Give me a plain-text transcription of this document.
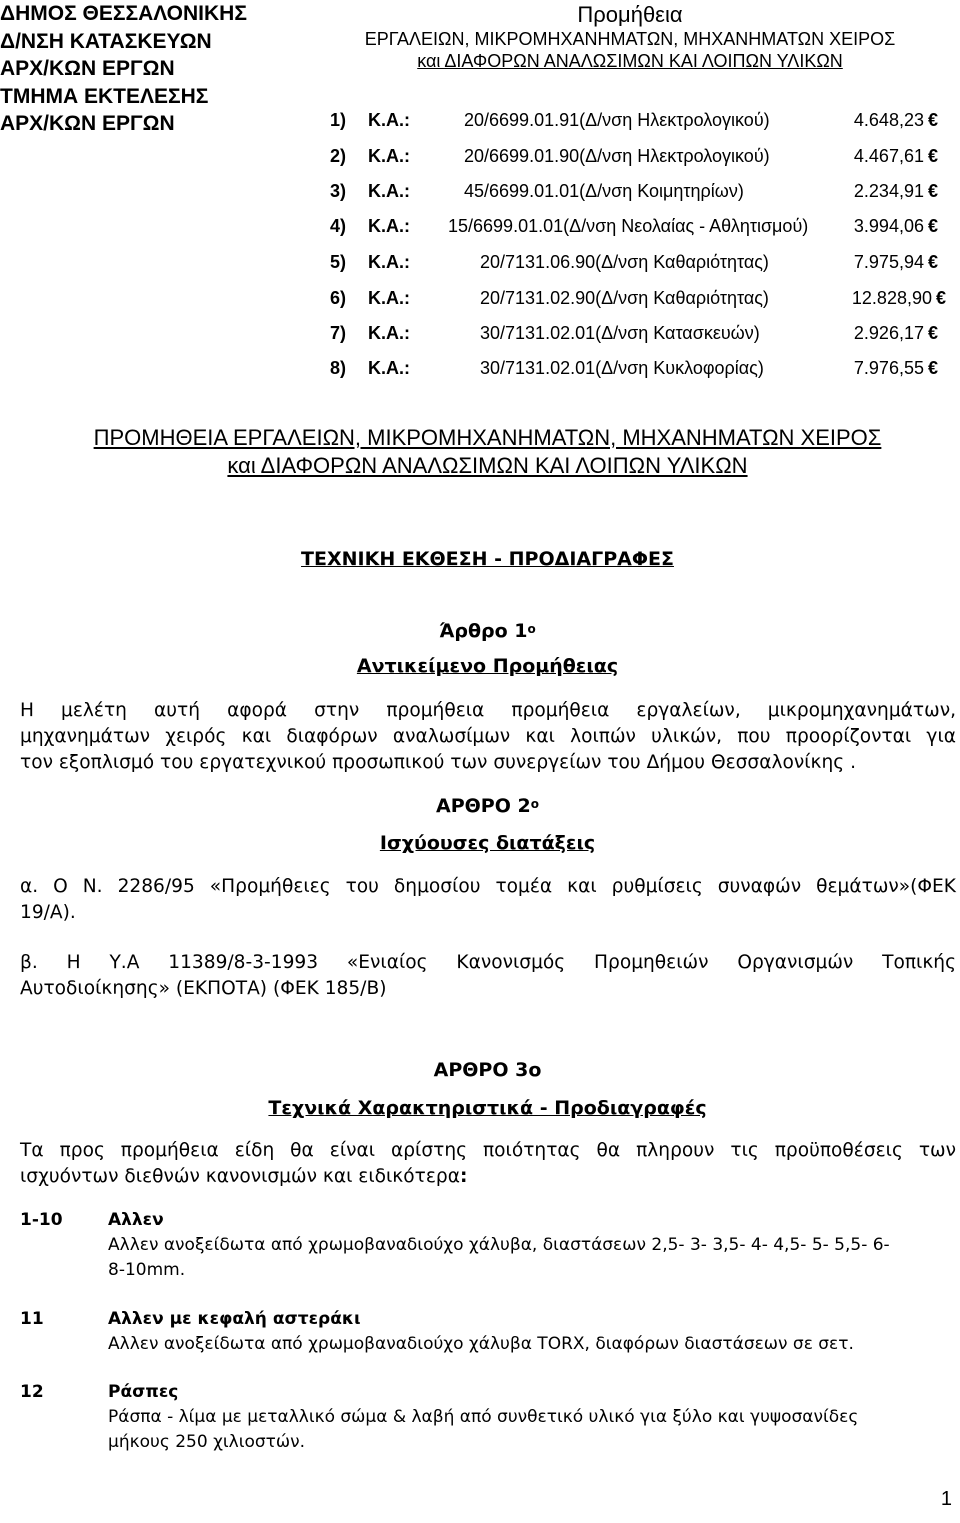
ΔΗΜΟΣ ΘΕΣΣΑΛΟΝΙΚΗΣ
Δ/ΝΣΗ ΚΑΤΑΣΚΕΥΩΝ
ΑΡΧ/ΚΩΝ ΕΡΓΩΝ
ΤΜΗΜΑ ΕΚΤΕΛΕΣΗΣ
ΑΡΧ/ΚΩΝ ΕΡΓΩΝ
Προμήθεια
ΕΡΓΑΛΕΙΩΝ, ΜΙΚΡΟΜΗΧΑΝΗΜΑΤΩΝ, ΜΗΧΑΝΗΜΑΤΩΝ ΧΕΙΡΟΣ
και ΔΙΑΦΟΡΩΝ ΑΝΑΛΩΣΙΜΩΝ ΚΑΙ ΛΟΙΠΩΝ ΥΛΙΚΩΝ
1) Κ.Α.:	20/6699.01.91(Δ/νση Ηλεκτρολογικού)	4.648,23 €
2) Κ.Α.:	20/6699.01.90(Δ/νση Ηλεκτρολογικού)	4.467,61 €
3) Κ.Α.:	45/6699.01.01(Δ/νση Κοιμητηρίων)	2.234,91 €
4) Κ.Α.: 15/6699.01.01(Δ/νση Νεολαίας - Αθλητισμού)	3.994,06 €
5) Κ.Α.:	20/7131.06.90(Δ/νση Καθαριότητας)	7.975,94 €
6) Κ.Α.:	20/7131.02.90(Δ/νση Καθαριότητας)	12.828,90 €
7) Κ.Α.:	30/7131.02.01(Δ/νση Κατασκευών)	2.926,17 €
8) Κ.Α.:	30/7131.02.01(Δ/νση Κυκλοφορίας)	7.976,55 €
ΠΡΟΜΗΘΕΙΑ ΕΡΓΑΛΕΙΩΝ, ΜΙΚΡΟΜΗΧΑΝΗΜΑΤΩΝ, ΜΗΧΑΝΗΜΑΤΩΝ ΧΕΙΡΟΣ
και ΔΙΑΦΟΡΩΝ ΑΝΑΛΩΣΙΜΩΝ ΚΑΙ ΛΟΙΠΩΝ ΥΛΙΚΩΝ
ΤΕΧΝΙΚΗ ΕΚΘΕΣΗ - ΠΡΟΔΙΑΓΡΑΦΕΣ
Άρθρο $1^o$
Αντικείμενο Προμήθειας
Η μελέτη αυτή αφορά στην προμήθεια προμήθεια εργαλείων, μικρομηχανημάτων,
μηχανημάτων χειρός και διαφόρων αναλωσίμων και λοιπών υλικών, που προορίζονται για
τον εξοπλισμό του εργατεχνικού προσωπικού των συνεργείων του Δήμου Θεσσαλονίκης .
ΑΡΘΡΟ $2^o$
Ισχύουσες διατάξεις
α. Ο Ν. 2286/95 «Προμήθειες του δημοσίου τομέα και ρυθμίσεις συναφών θεμάτων»(ΦΕΚ
19/Α).
β. Η Υ.Α 11389/8-3-1993 «Ενιαίος Κανονισμός Προμηθειών Οργανισμών Τοπικής
Αυτοδιοίκησης» (ΕΚΠΟΤΑ) (ΦΕΚ 185/Β)
ΑΡΘΡΟ 3ο
Τεχνικά Χαρακτηριστικά - Προδιαγραφές
Τα προς προμήθεια είδη θα είναι αρίστης ποιότητας θα πληρουν τις προϋποθέσεις των
ισχυόντων διεθνών κανονισμών και ειδικότερα:
1-10	Αλλεν
Αλλεν ανοξείδωτα από χρωμοβαναδιούχο χάλυβα, διαστάσεων 2,5- 3- 3,5- 4- 4,5- 5- 5,5- 6-
8-10mm.
11	Αλλεν με κεφαλή αστεράκι
Αλλεν ανοξείδωτα από χρωμοβαναδιούχο χάλυβα TORX, διαφόρων διαστάσεων σε σετ.
12	Ράσπες
Ράσπα - λίμα με μεταλλικό σώμα & λαβή από συνθετικό υλικό για ξύλο και γυψοσανίδες
μήκους 250 χιλιοστών.
1
